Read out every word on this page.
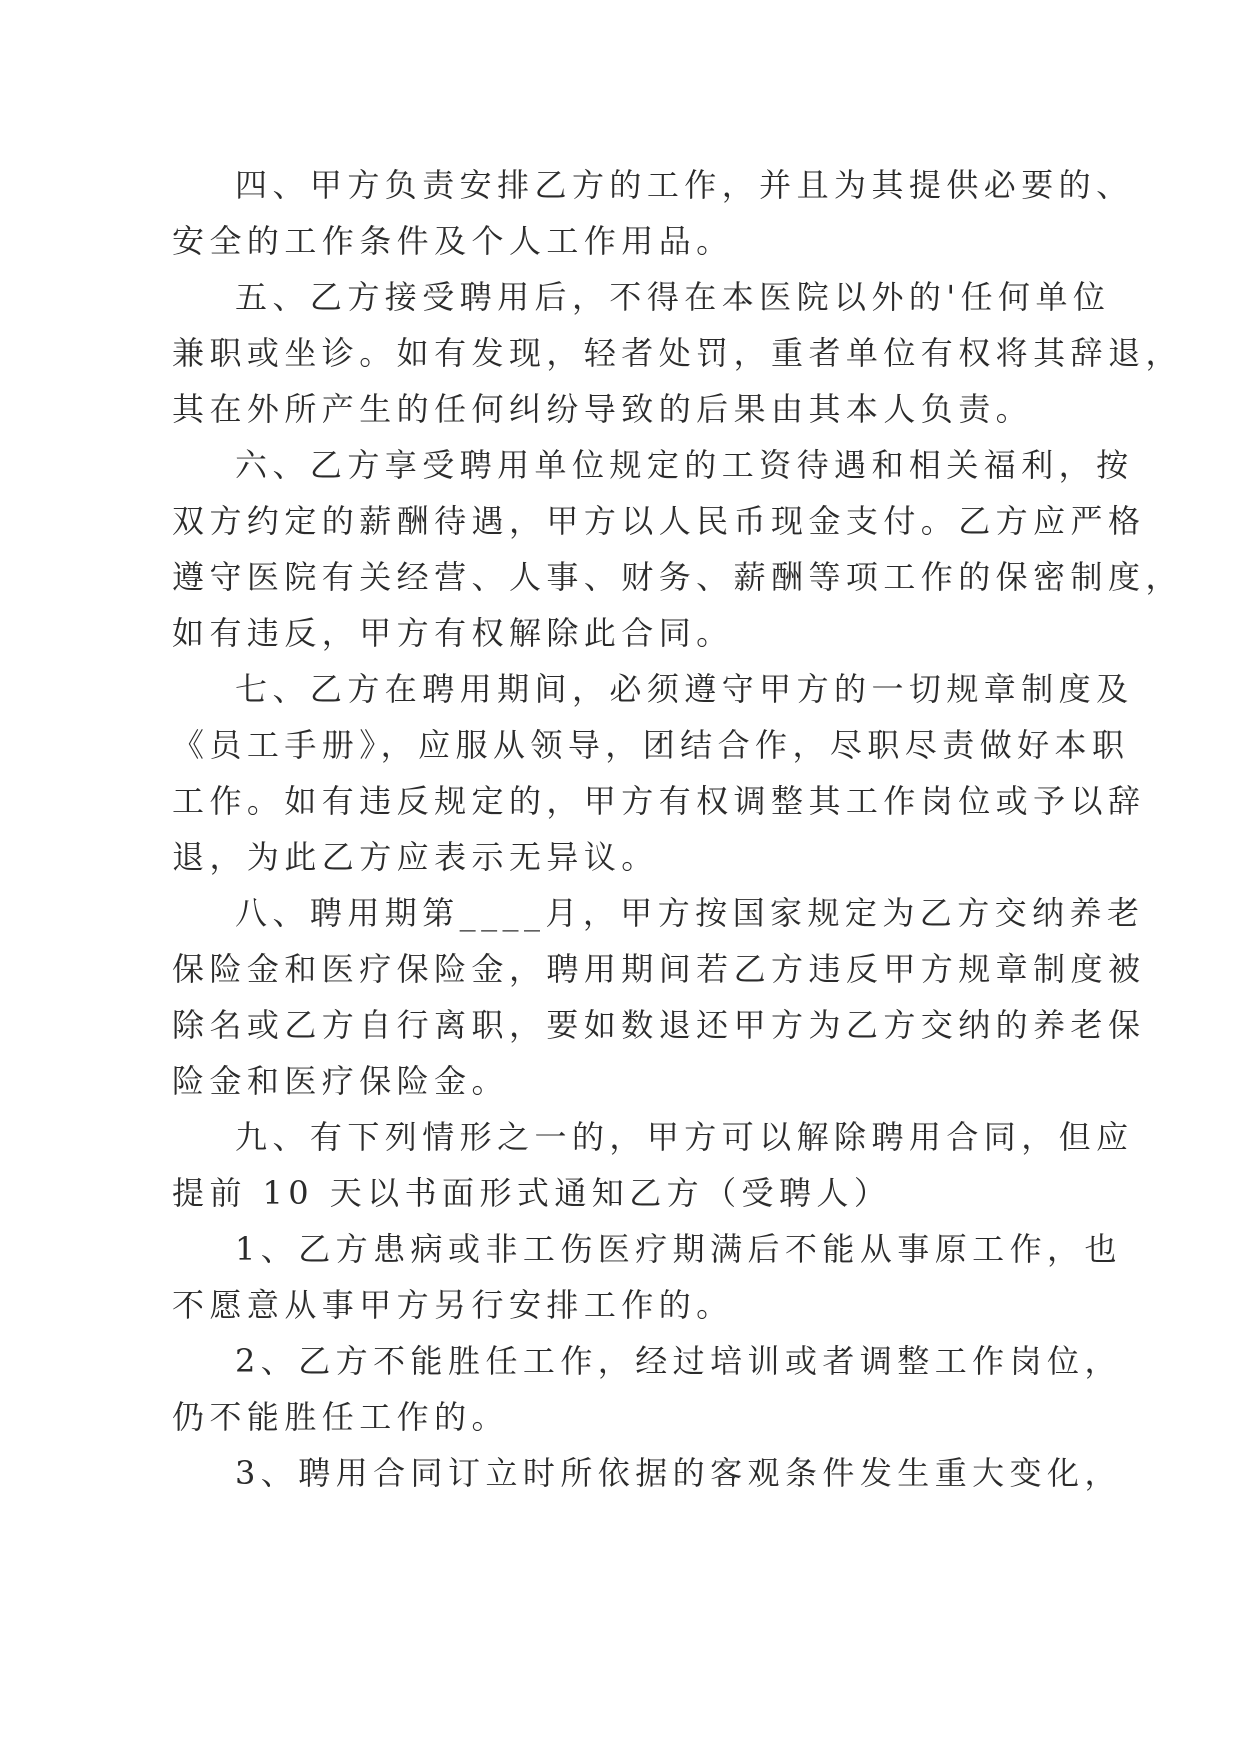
四、甲方负责安排乙方的工作，并且为其提供必要的、
安全的工作条件及个人工作用品。
五、乙方接受聘用后，不得在本医院以外的'任何单位
兼职或坐诊。如有发现，轻者处罚，重者单位有权将其辞退，
其在外所产生的任何纠纷导致的后果由其本人负责。
六、乙方享受聘用单位规定的工资待遇和相关福利，按
双方约定的薪酬待遇，甲方以人民币现金支付。乙方应严格
遵守医院有关经营、人事、财务、薪酬等项工作的保密制度，
如有违反，甲方有权解除此合同。
七、乙方在聘用期间，必须遵守甲方的一切规章制度及
《员工手册》，应服从领导，团结合作，尽职尽责做好本职
工作。如有违反规定的，甲方有权调整其工作岗位或予以辞
退，为此乙方应表示无异议。
八、聘用期第____月，甲方按国家规定为乙方交纳养老
保险金和医疗保险金，聘用期间若乙方违反甲方规章制度被
除名或乙方自行离职，要如数退还甲方为乙方交纳的养老保
险金和医疗保险金。
九、有下列情形之一的，甲方可以解除聘用合同，但应
提前 10 天以书面形式通知乙方（受聘人）
1、乙方患病或非工伤医疗期满后不能从事原工作，也
不愿意从事甲方另行安排工作的。
2、乙方不能胜任工作，经过培训或者调整工作岗位，
仍不能胜任工作的。
3、聘用合同订立时所依据的客观条件发生重大变化，
